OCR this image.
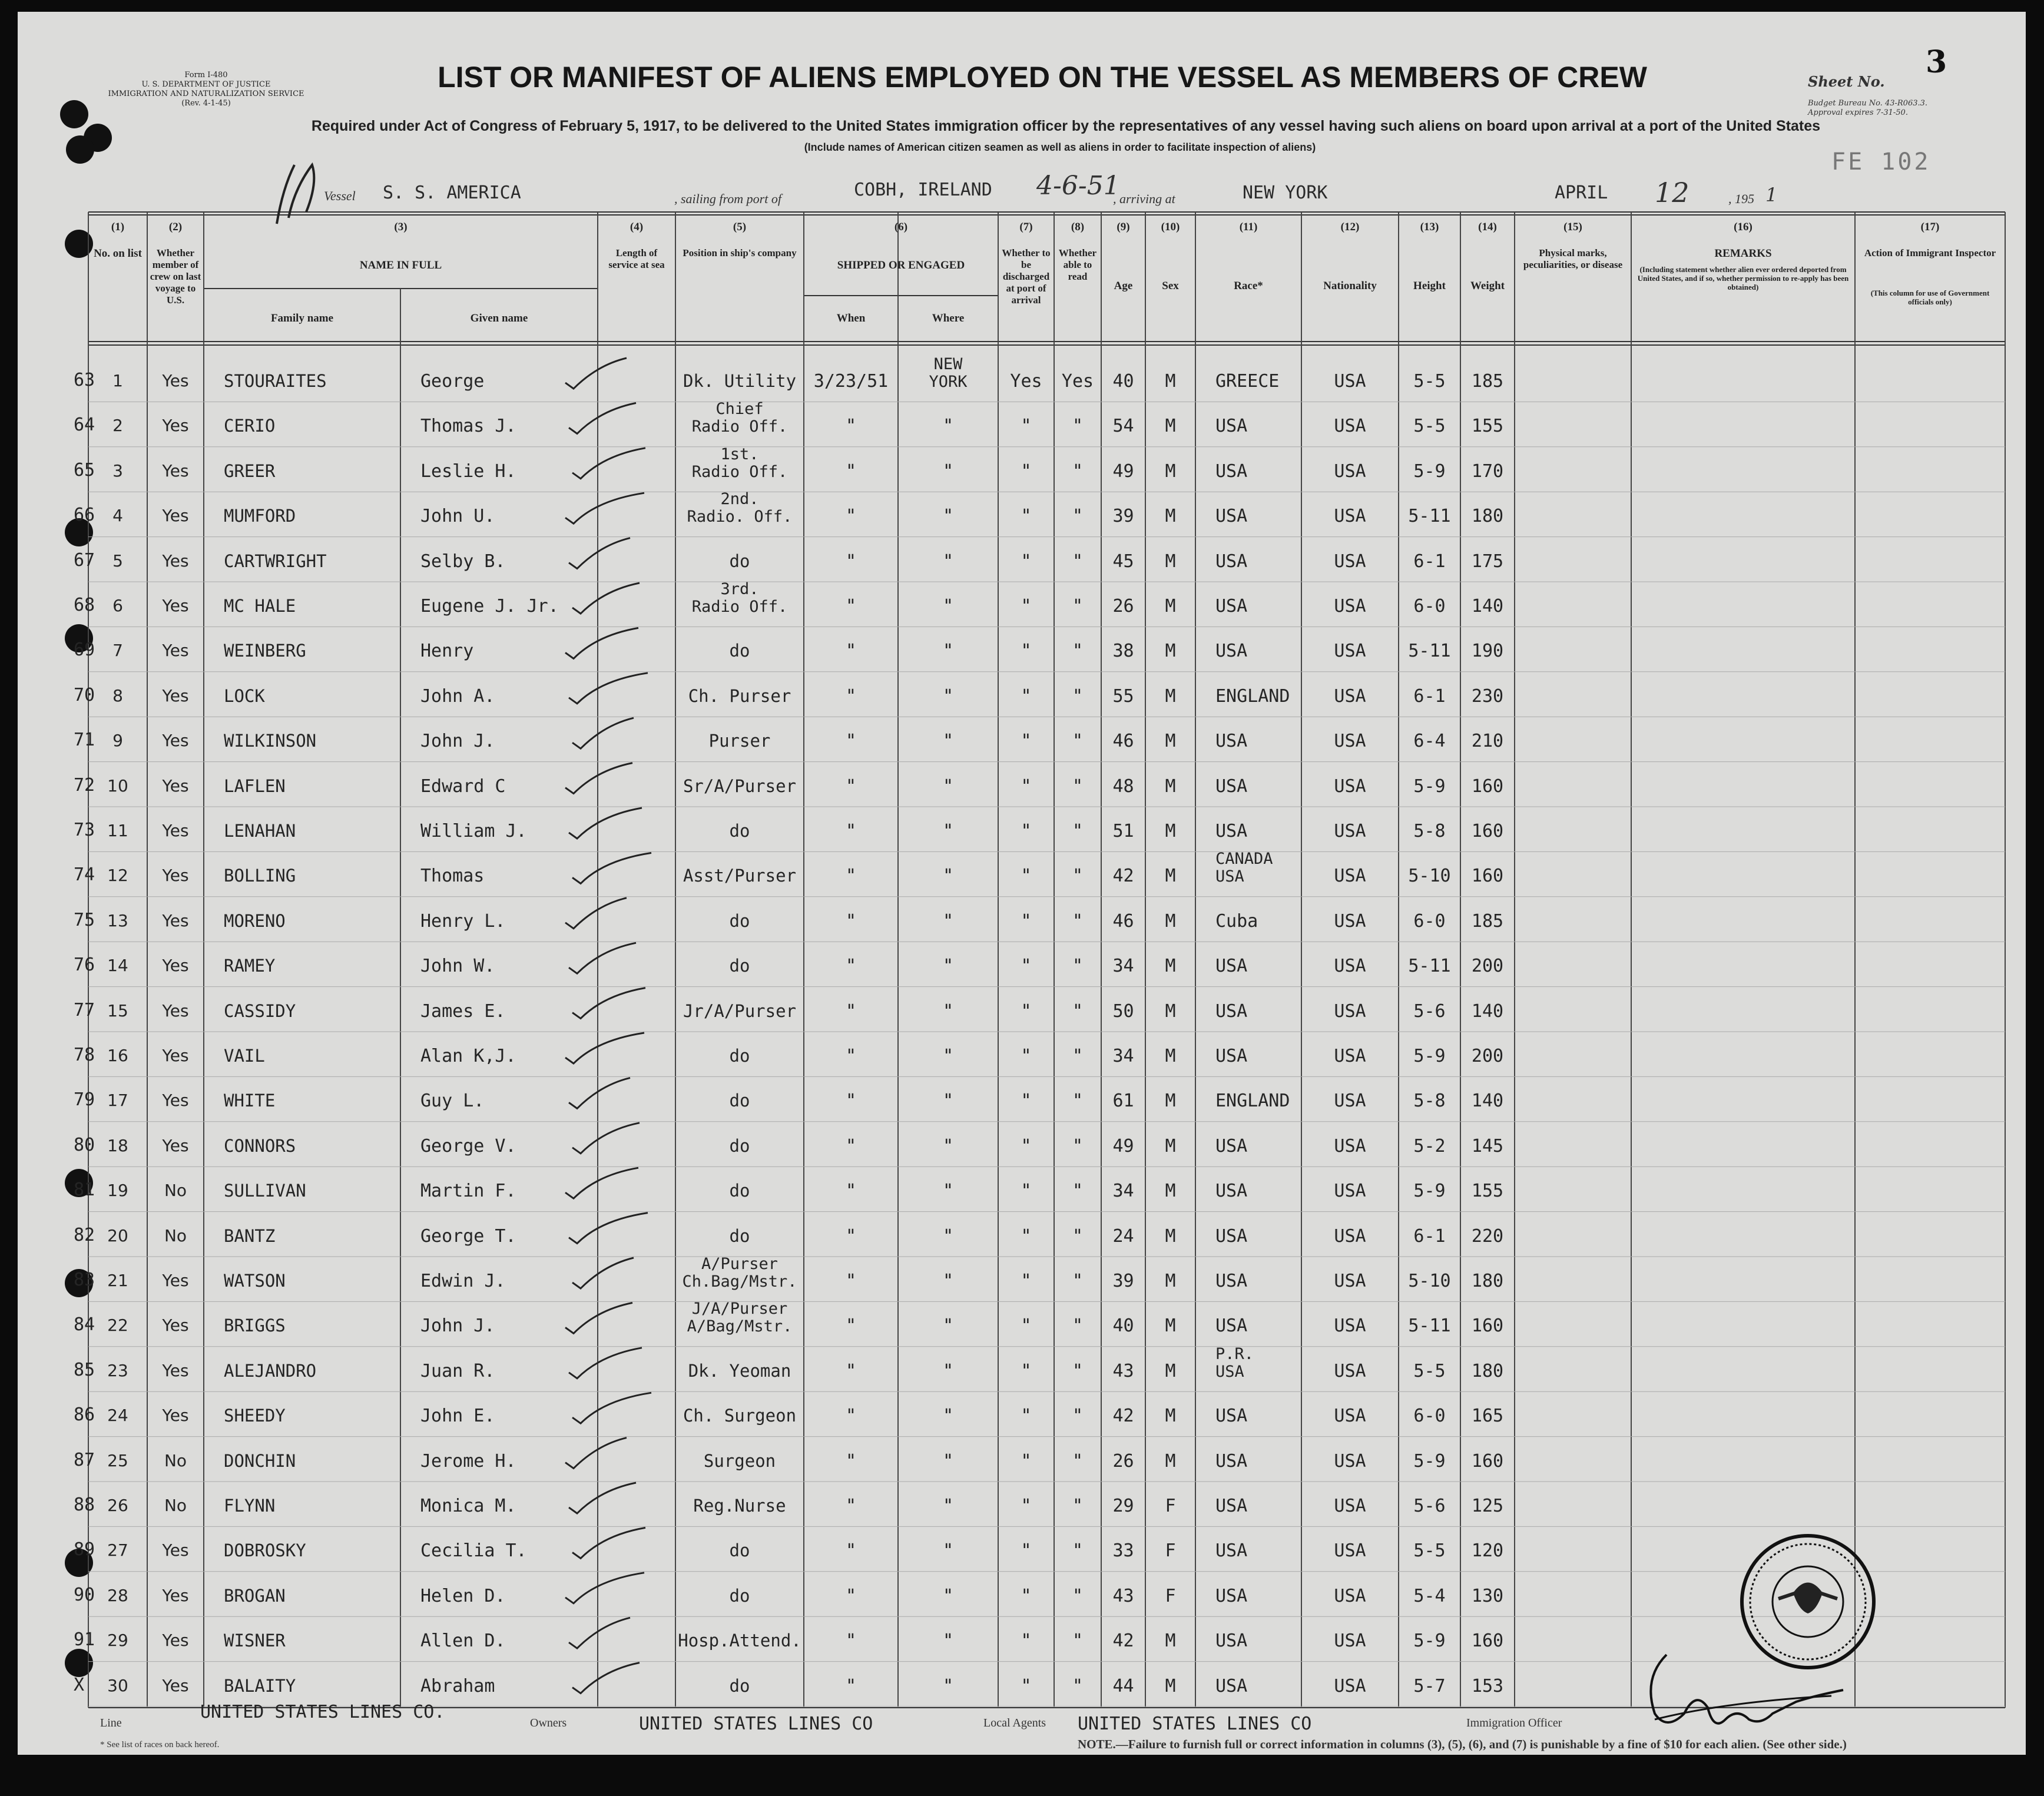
Form I-480
U. S. DEPARTMENT OF JUSTICE
IMMIGRATION AND NATURALIZATION SERVICE
(Rev. 4-1-45)
LIST OR MANIFEST OF ALIENS EMPLOYED ON THE VESSEL AS MEMBERS OF CREW	Sheet No.

Budget Bureau No. 43-R063.3.
Approval expires 7-31-50.

3
Required under Act of Congress of February 5, 1917, to be delivered to the United States immigration officer by the representatives of any vessel having such aliens on board upon arrival at a port of the United States
(Include names of American citizen seamen as well as aliens in order to facilitate inspection of aliens)
FE 102
Vessel S. S. AMERICA	, sailing from port of	COBH, IRELAND 4-6-51
, arriving at	NEW YORK	APRIL 12	, 195 1
(1)
No. on list
(2)
Whether member of crew on last voyage to U.S.
(3)
NAME IN FULL
(4)
Length of service at sea
(5)
Position in ship's company
(6)
SHIPPED OR ENGAGED
(7)
Whether to be discharged at port of arrival
(8)
Whether able to read
(9)
Age
(10)
Sex
(11)
Race*
(12)
Nationality
(13)
Height
(14)
Weight
(15)
Physical marks, peculiarities, or disease
(16)
REMARKS
(Including statement whether alien ever ordered deported from United States, and if so, whether permission to re-apply has been obtained)
(17)
Action of Immigrant Inspector
(This column for use of Government officials only)
Family name	Given name	When	Where
63	1	Yes	STOURAITES	George	Dk. Utility 3/23/51
NEW
YORK	Yes	Yes	40	M	GREECE	USA	5-5	185
64	2	Yes	CERIO	Thomas J.
Chief
Radio Off.	"	"	"	"	54	M	USA	USA	5-5	155
65	3	Yes	GREER	Leslie H.
1st.
Radio Off.	"	"	"	"	49	M	USA	USA	5-9	170
66	4	Yes	MUMFORD	John U.
2nd.
Radio. Off.	"	"	"	"	39	M	USA	USA	5-11	180
67	5	Yes	CARTWRIGHT	Selby B.	do	"	"	"	"	45	M	USA	USA	6-1	175
68	6	Yes	MC HALE	Eugene J. Jr.
3rd.
Radio Off.	"	"	"	"	26	M	USA	USA	6-0	140
69	7	Yes	WEINBERG	Henry	do	"	"	"	"	38	M	USA	USA	5-11	190
70	8	Yes	LOCK	John A.	Ch. Purser	"	"	"	"	55	M	ENGLAND	USA	6-1	230
71	9	Yes	WILKINSON	John J.	Purser	"	"	"	"	46	M	USA	USA	6-4	210
72 10	Yes	LAFLEN	Edward C	Sr/A/Purser	"	"	"	"	48	M	USA	USA	5-9	160
73 11	Yes	LENAHAN	William J.	do	"	"	"	"	51	M	USA	USA	5-8	160
74 12	Yes	BOLLING	Thomas	Asst/Purser	"	"	"	"	42	M
CANADA
USA	USA	5-10	160
75 13	Yes	MORENO	Henry L.	do	"	"	"	"	46	M	Cuba	USA	6-0	185
76 14	Yes	RAMEY	John W.	do	"	"	"	"	34	M	USA	USA	5-11	200
77 15	Yes	CASSIDY	James E.	Jr/A/Purser	"	"	"	"	50	M	USA	USA	5-6	140
78 16	Yes	VAIL	Alan K,J.	do	"	"	"	"	34	M	USA	USA	5-9	200
79 17	Yes	WHITE	Guy L.	do	"	"	"	"	61	M	ENGLAND	USA	5-8	140
80 18	Yes	CONNORS	George V.	do	"	"	"	"	49	M	USA	USA	5-2	145
81 19	No	SULLIVAN	Martin F.	do	"	"	"	"	34	M	USA	USA	5-9	155
82 20	No	BANTZ	George T.	do	"	"	"	"	24	M	USA	USA	6-1	220
83 21	Yes	WATSON	Edwin J.
A/Purser
Ch.Bag/Mstr.	"	"	"	"	39	M	USA	USA	5-10	180
84 22	Yes	BRIGGS	John J.
J/A/Purser
A/Bag/Mstr.	"	"	"	"	40	M	USA	USA	5-11	160
85 23	Yes	ALEJANDRO	Juan R.	Dk. Yeoman	"	"	"	"	43	M
P.R.
USA	USA	5-5	180
86 24	Yes	SHEEDY	John E.	Ch. Surgeon	"	"	"	"	42	M	USA	USA	6-0	165
87 25	No	DONCHIN	Jerome H.	Surgeon	"	"	"	"	26	M	USA	USA	5-9	160
88 26	No	FLYNN	Monica M.	Reg.Nurse	"	"	"	"	29	F	USA	USA	5-6	125
89 27	Yes	DOBROSKY	Cecilia T.	do	"	"	"	"	33	F	USA	USA	5-5	120
90 28	Yes	BROGAN	Helen D.	do	"	"	"	"	43	F	USA	USA	5-4	130
91 29	Yes	WISNER	Allen D.	Hosp.Attend.	"	"	"	"	42	M	USA	USA	5-9	160
X	30	Yes	BALAITY	Abraham	do	"	"	"	"	44	M	USA	USA	5-7	153
Line
UNITED STATES LINES CO.
Owners	UNITED STATES LINES CO	Local Agents UNITED STATES LINES CO	Immigration Officer
* See list of races on back hereof.	NOTE.—Failure to furnish full or correct information in columns (3), (5), (6), and (7) is punishable by a fine of $10 for each alien. (See other side.)
